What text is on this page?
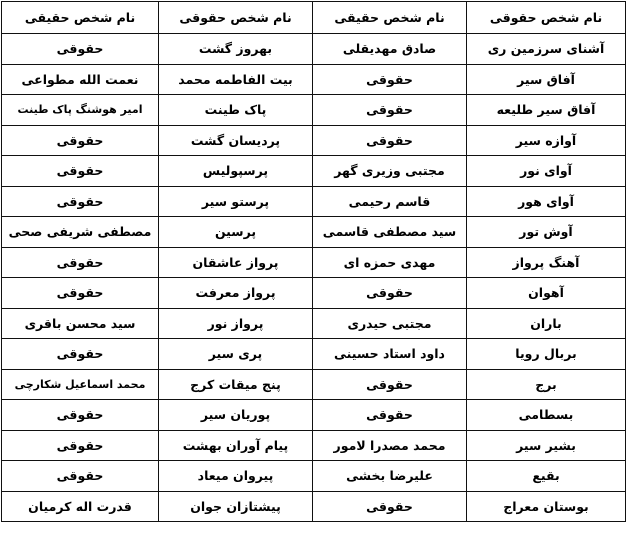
نام شخص حقوقی	نام شخص حقیقی	نام شخص حقوقی	نام شخص حقیقی
آشنای سرزمین ری	صادق مهدیقلی	بهروز گشت	حقوقی
آفاق سیر	حقوقی	بیت الفاطمه محمد	نعمت الله مطواعی
آفاق سیر طلیعه	حقوقی	پاک طینت	امیر هوشنگ پاک طینت
آوازه سیر	حقوقی	پردیسان گشت	حقوقی
آوای نور	مجتبی وزیری گهر	پرسپولیس	حقوقی
آوای هور	قاسم رحیمی	پرستو سیر	حقوقی
آوش تور	سید مصطفی قاسمی	پرسین	مصطفی شریفی صحی
آهنگ پرواز	مهدی حمزه ای	پرواز عاشقان	حقوقی
آهوان	حقوقی	پرواز معرفت	حقوقی
باران	مجتبی حیدری	پرواز نور	سید محسن باقری
بربال رویا	داود استاد حسینی	پری سیر	حقوقی
برج	حقوقی	پنج میقات کرج	محمد اسماعیل شکارچی
بسطامی	حقوقی	پوریان سیر	حقوقی
بشیر سیر	محمد مصدرا لامور	پیام آوران بهشت	حقوقی
بقیع	علیرضا بخشی	پیروان میعاد	حقوقی
بوستان معراج	حقوقی	پیشتازان جوان	قدرت اله کرمیان
